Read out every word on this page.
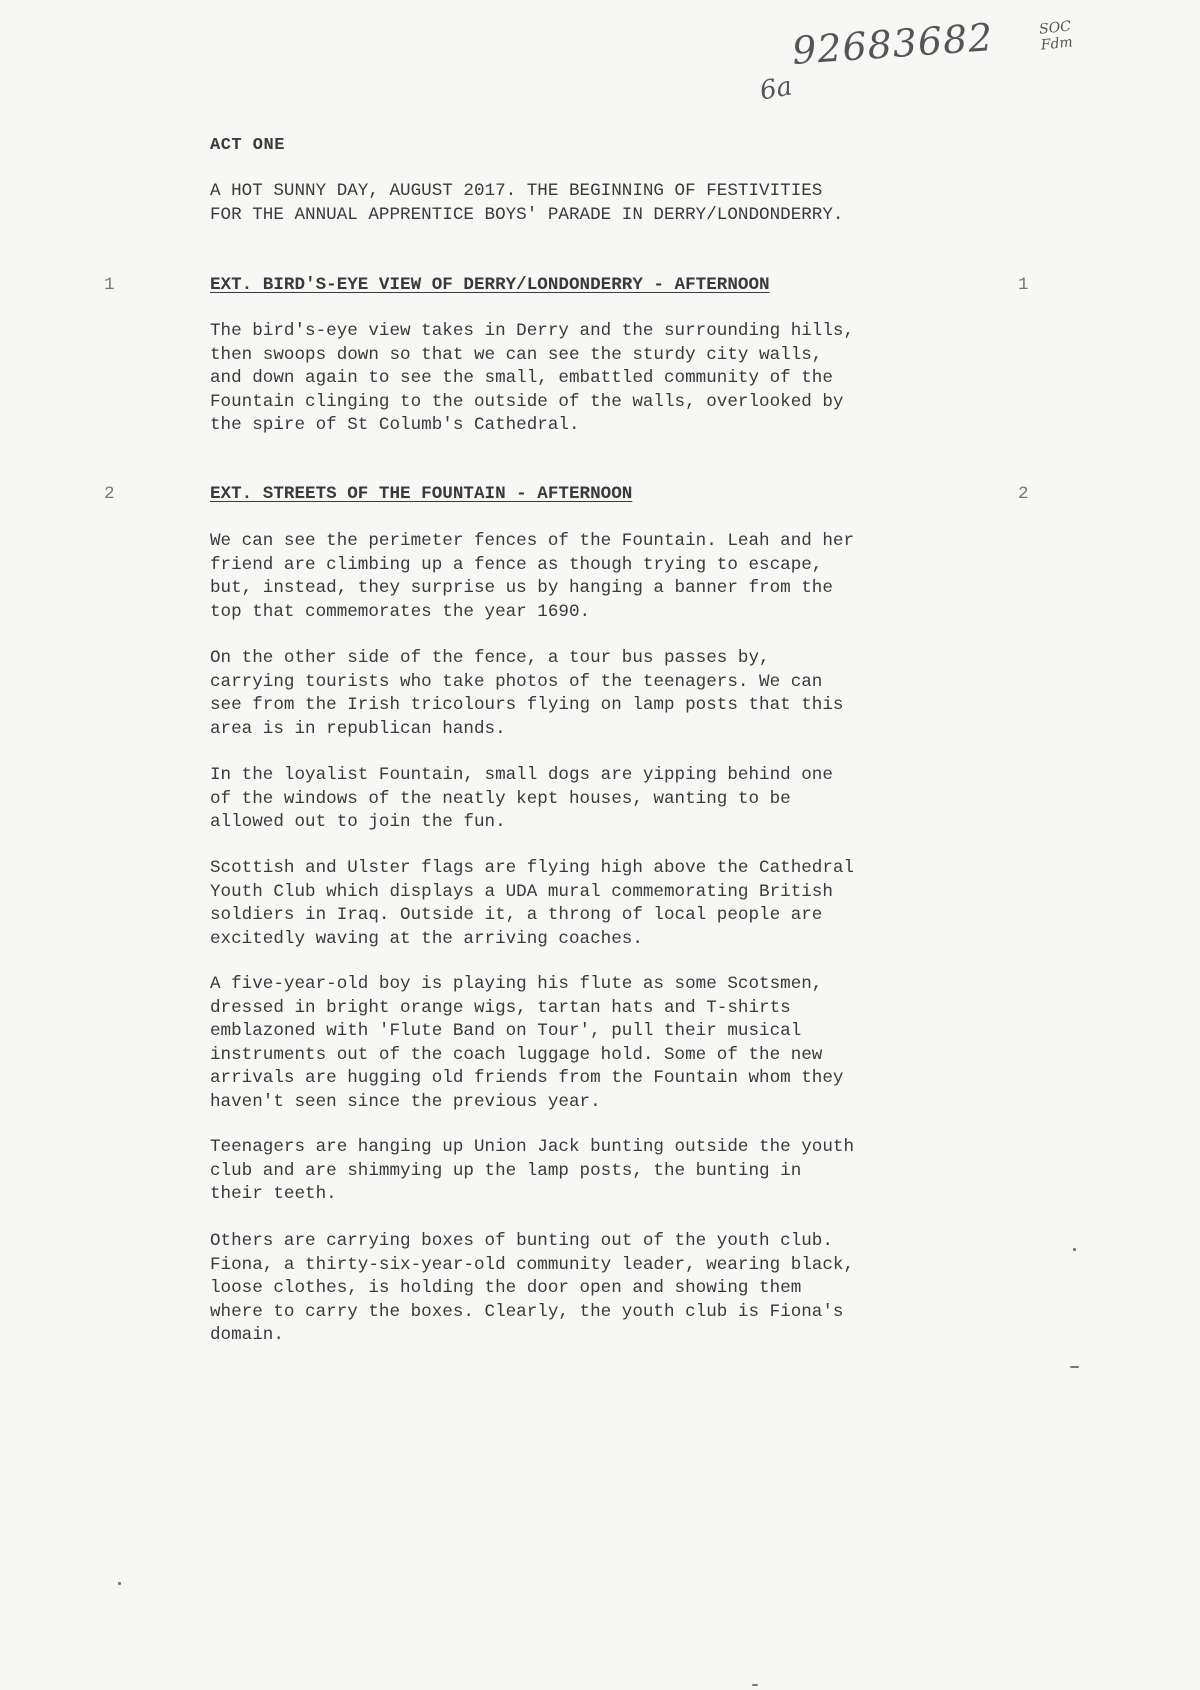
92683682
6a
SOC
Fdm
ACT ONE
A HOT SUNNY DAY, AUGUST 2017. THE BEGINNING OF FESTIVITIES
FOR THE ANNUAL APPRENTICE BOYS' PARADE IN DERRY/LONDONDERRY.
1	EXT. BIRD'S-EYE VIEW OF DERRY/LONDONDERRY - AFTERNOON	1
The bird's-eye view takes in Derry and the surrounding hills,
then swoops down so that we can see the sturdy city walls,
and down again to see the small, embattled community of the
Fountain clinging to the outside of the walls, overlooked by
the spire of St Columb's Cathedral.
2	EXT. STREETS OF THE FOUNTAIN - AFTERNOON	2
We can see the perimeter fences of the Fountain. Leah and her
friend are climbing up a fence as though trying to escape,
but, instead, they surprise us by hanging a banner from the
top that commemorates the year 1690.
On the other side of the fence, a tour bus passes by,
carrying tourists who take photos of the teenagers. We can
see from the Irish tricolours flying on lamp posts that this
area is in republican hands.
In the loyalist Fountain, small dogs are yipping behind one
of the windows of the neatly kept houses, wanting to be
allowed out to join the fun.
Scottish and Ulster flags are flying high above the Cathedral
Youth Club which displays a UDA mural commemorating British
soldiers in Iraq. Outside it, a throng of local people are
excitedly waving at the arriving coaches.
A five-year-old boy is playing his flute as some Scotsmen,
dressed in bright orange wigs, tartan hats and T-shirts
emblazoned with 'Flute Band on Tour', pull their musical
instruments out of the coach luggage hold. Some of the new
arrivals are hugging old friends from the Fountain whom they
haven't seen since the previous year.
Teenagers are hanging up Union Jack bunting outside the youth
club and are shimmying up the lamp posts, the bunting in
their teeth.
Others are carrying boxes of bunting out of the youth club.
Fiona, a thirty-six-year-old community leader, wearing black,
loose clothes, is holding the door open and showing them
where to carry the boxes. Clearly, the youth club is Fiona's
domain.
